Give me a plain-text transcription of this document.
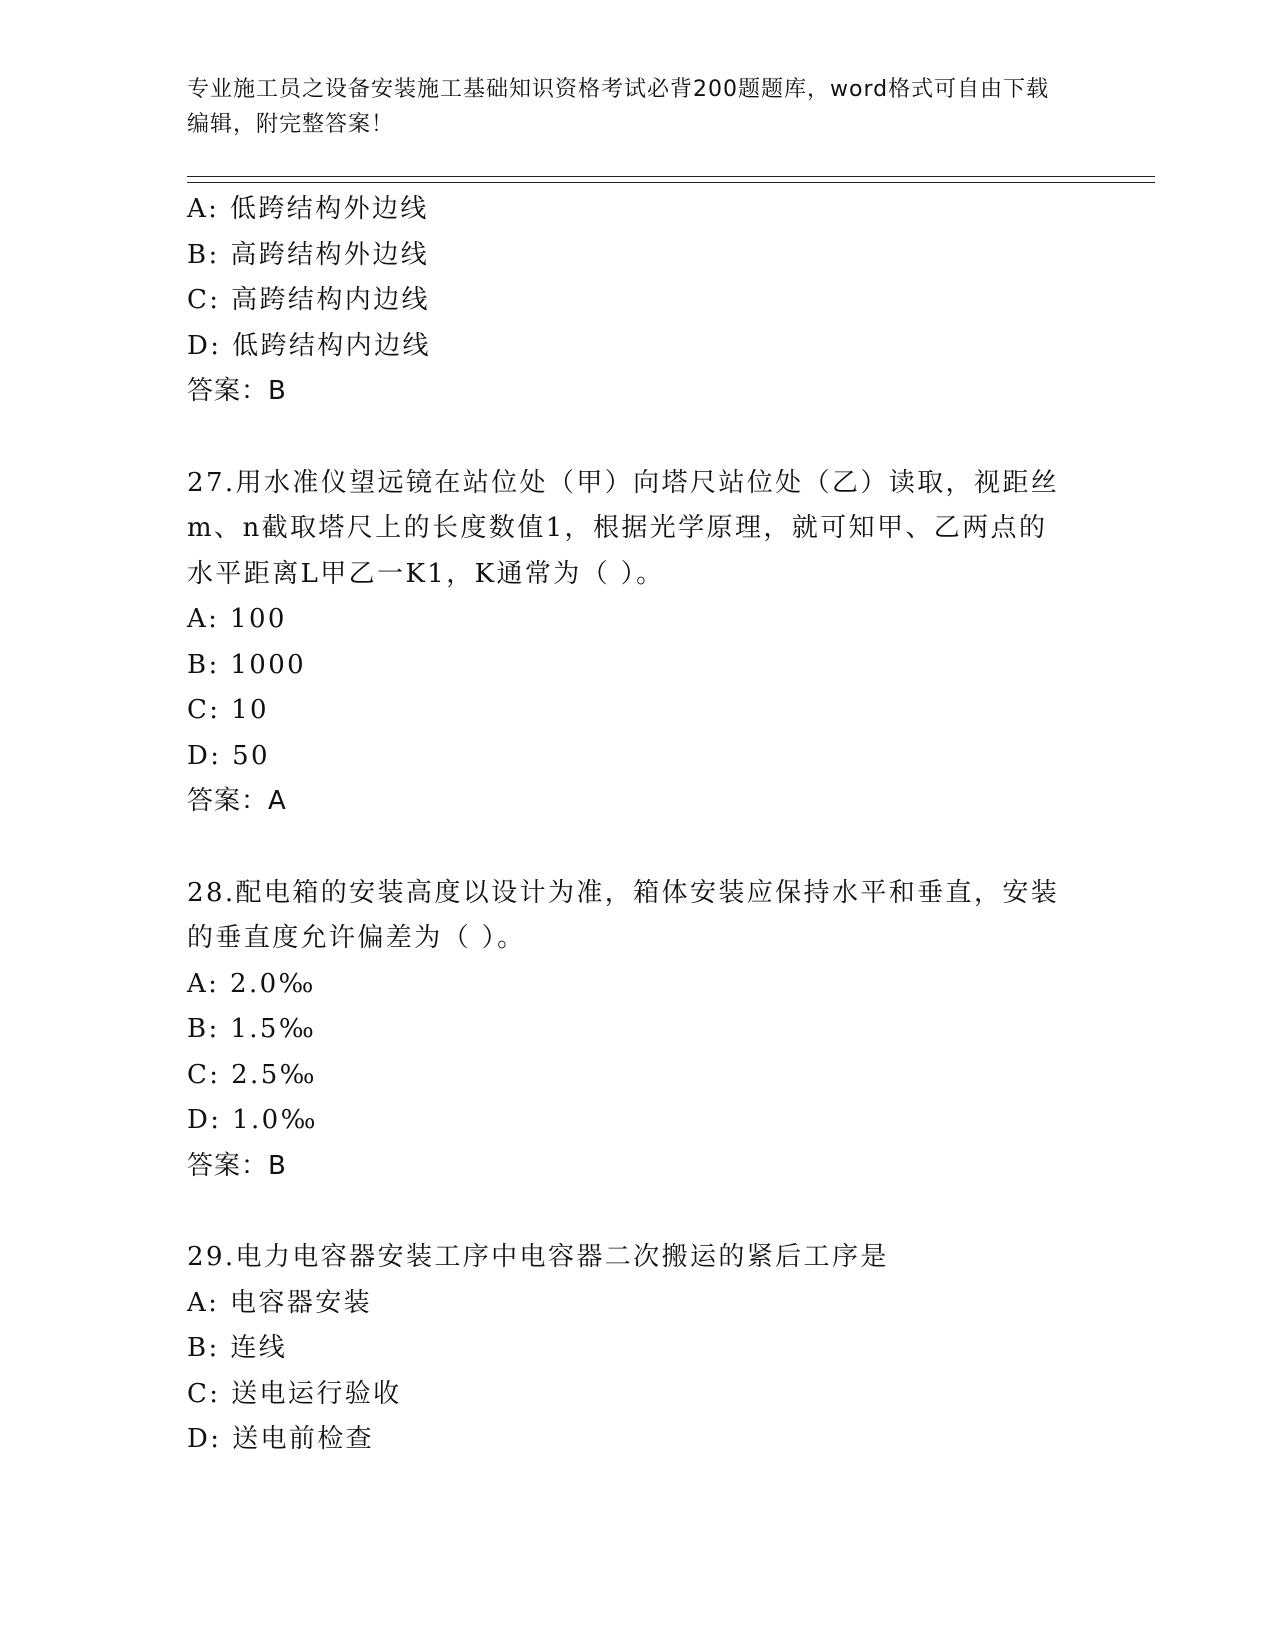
专业施工员之设备安装施工基础知识资格考试必背200题题库，word格式可自由下载编辑，附完整答案！
A: 低跨结构外边线
B: 高跨结构外边线
C: 高跨结构内边线
D: 低跨结构内边线
答案：B
27.用水准仪望远镜在站位处（甲）向塔尺站位处（乙）读取，视距丝
m、n截取塔尺上的长度数值1，根据光学原理，就可知甲、乙两点的
水平距离L甲乙一K1，K通常为（ ）。
A: 100
B: 1000
C: 10
D: 50
答案：A
28.配电箱的安装高度以设计为准，箱体安装应保持水平和垂直，安装
的垂直度允许偏差为（ ）。
A: 2.0‰
B: 1.5‰
C: 2.5‰
D: 1.0‰
答案：B
29.电力电容器安装工序中电容器二次搬运的紧后工序是
A: 电容器安装
B: 连线
C: 送电运行验收
D: 送电前检查
